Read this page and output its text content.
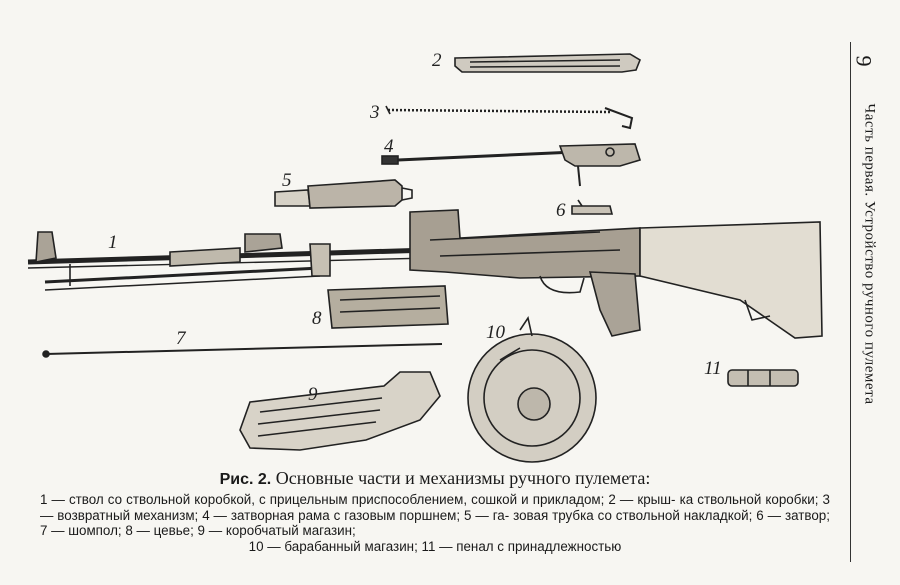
2
3
4
5
6
1
8
7	10
9
11
9
Часть первая. Устройство ручного пулемета
Рис. 2. Основные части и механизмы ручного пулемета:
1 — ствол со ствольной коробкой, с прицельным приспособлением, сошкой и прикладом; 2 — крыш- ка ствольной коробки; 3 — возвратный механизм; 4 — затворная рама с газовым поршнем; 5 — га- зовая трубка со ствольной накладкой; 6 — затвор; 7 — шомпол; 8 — цевье; 9 — коробчатый магазин;
10 — барабанный магазин; 11 — пенал с принадлежностью
